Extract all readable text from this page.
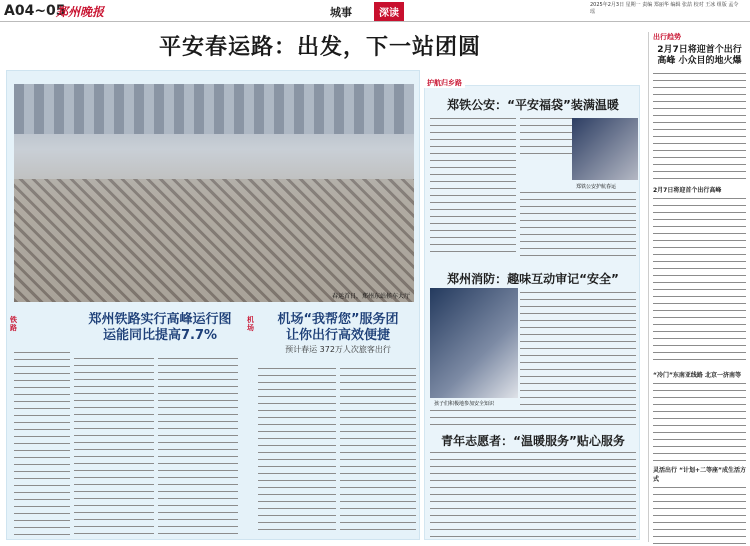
A04~05
郑州晚报	城事	深读
2025年2月3日 星期一 责编 郑丽华 编辑 张喆 校对 王冰 组版 孟令瑶
平安春运路：出发，下一站团圆
春运首日，郑州东站候车大厅
铁路
郑州铁路实行高峰运行图
运能同比提高7.7%
机场
机场“我帮您”服务团
让你出行高效便捷
预计春运 372万人次旅客出行
护航归乡路
郑铁公安：“平安福袋”装满温暖
郑铁公安护航春运
郑州消防：趣味互动审记“安全”
孩子们积极地参加安全知识
青年志愿者：“温暖服务”贴心服务
出行趋势
2月7日将迎首个出行高峰 小众目的地火爆
2月7日将迎首个出行高峰
“冷门”东南亚线路 北京一济南等
灵活出行 “计划+二等座”成生活方式
